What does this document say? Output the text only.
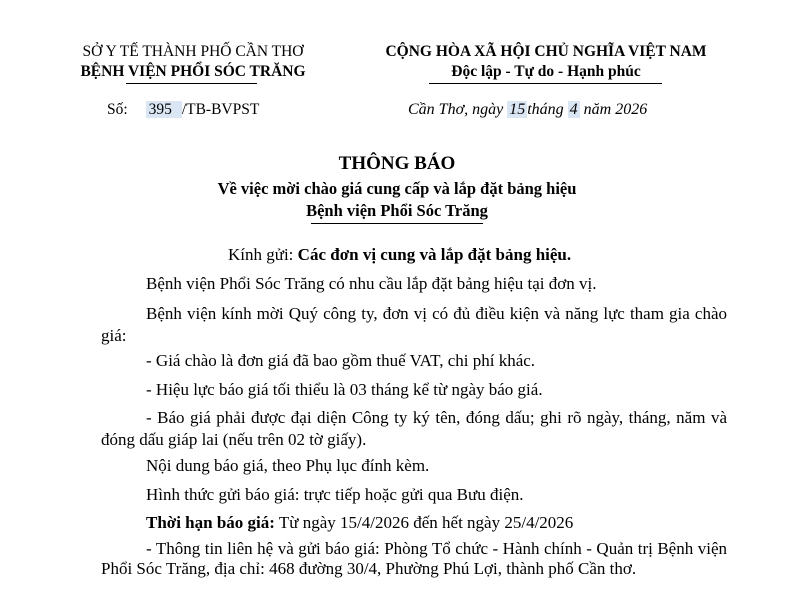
SỞ Y TẾ THÀNH PHỐ CẦN THƠ
BỆNH VIỆN PHỔI SÓC TRĂNG
CỘNG HÒA XÃ HỘI CHỦ NGHĨA VIỆT NAM
Độc lập - Tự do - Hạnh phúc
Số: 395 /TB-BVPST	Cần Thơ, ngày 15 tháng 4 năm 2026
THÔNG BÁO
Về việc mời chào giá cung cấp và lắp đặt bảng hiệu
Bệnh viện Phổi Sóc Trăng
Kính gửi: Các đơn vị cung và lắp đặt bảng hiệu.
Bệnh viện Phổi Sóc Trăng có nhu cầu lắp đặt bảng hiệu tại đơn vị.
Bệnh viện kính mời Quý công ty, đơn vị có đủ điều kiện và năng lực tham gia chào giá:
- Giá chào là đơn giá đã bao gồm thuế VAT, chi phí khác.
- Hiệu lực báo giá tối thiểu là 03 tháng kể từ ngày báo giá.
- Báo giá phải được đại diện Công ty ký tên, đóng dấu; ghi rõ ngày, tháng, năm và đóng dấu giáp lai (nếu trên 02 tờ giấy).
Nội dung báo giá, theo Phụ lục đính kèm.
Hình thức gửi báo giá: trực tiếp hoặc gửi qua Bưu điện.
Thời hạn báo giá: Từ ngày 15/4/2026 đến hết ngày 25/4/2026
- Thông tin liên hệ và gửi báo giá: Phòng Tổ chức - Hành chính - Quản trị Bệnh viện Phổi Sóc Trăng, địa chỉ: 468 đường 30/4, Phường Phú Lợi, thành phố Cần thơ.
